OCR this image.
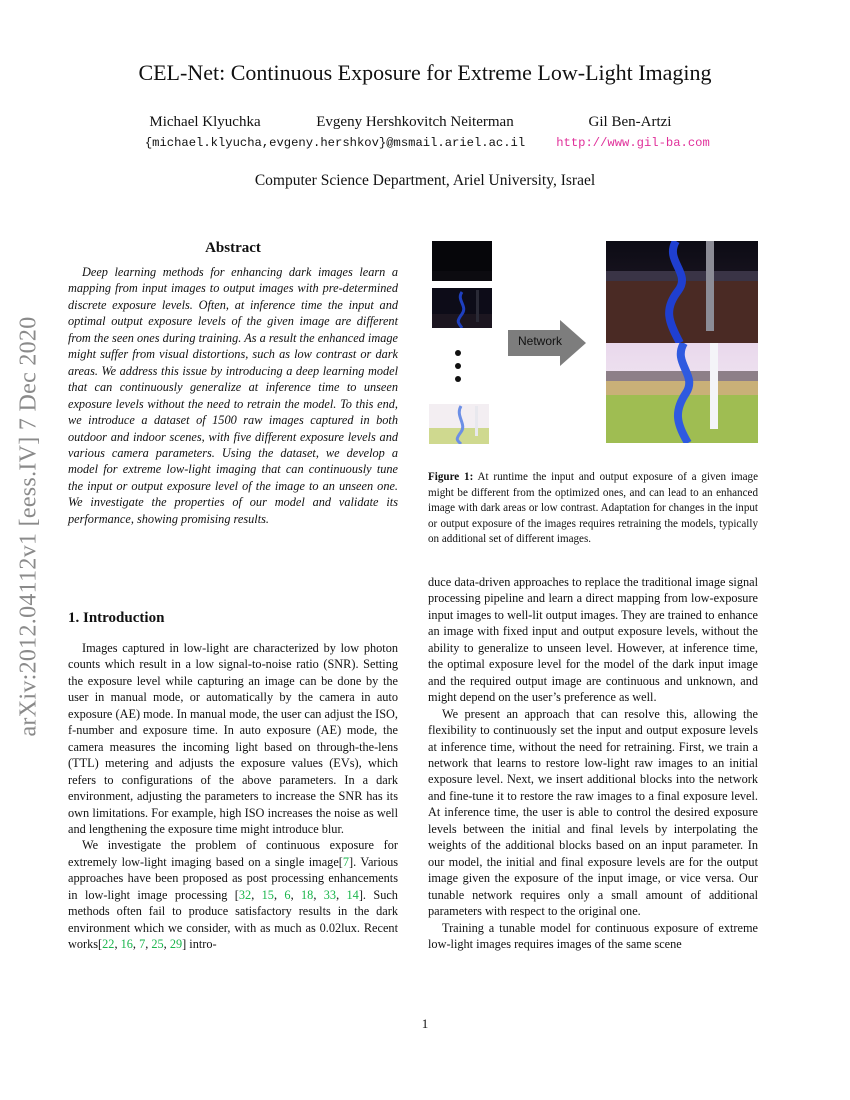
CEL-Net: Continuous Exposure for Extreme Low-Light Imaging
Michael Klyuchka	Evgeny Hershkovitch Neiterman	Gil Ben-Artzi
{michael.klyucha,evgeny.hershkov}@msmail.ariel.ac.il	http://www.gil-ba.com
Computer Science Department, Ariel University, Israel
arXiv:2012.04112v1 [eess.IV] 7 Dec 2020
Abstract
Deep learning methods for enhancing dark images learn a mapping from input images to output images with pre-determined discrete exposure levels. Often, at inference time the input and optimal output exposure levels of the given image are different from the seen ones during training. As a result the enhanced image might suffer from visual distortions, such as low contrast or dark areas. We address this issue by introducing a deep learning model that can continuously generalize at inference time to unseen exposure levels without the need to retrain the model. To this end, we introduce a dataset of 1500 raw images captured in both outdoor and indoor scenes, with five different exposure levels and various camera parameters. Using the dataset, we develop a model for extreme low-light imaging that can continuously tune the input or output exposure level of the image to an unseen one. We investigate the properties of our model and validate its performance, showing promising results.
1. Introduction

Images captured in low-light are characterized by low photon counts which result in a low signal-to-noise ratio (SNR). Setting the exposure level while capturing an image can be done by the user in manual mode, or automatically by the camera in auto exposure (AE) mode. In manual mode, the user can adjust the ISO, f-number and exposure time. In auto exposure (AE) mode, the camera measures the incoming light based on through-the-lens (TTL) metering and adjusts the exposure values (EVs), which refers to configurations of the above parameters. In a dark environment, adjusting the parameters to increase the SNR has its own limitations. For example, high ISO increases the noise as well and lengthening the exposure time might introduce blur.

We investigate the problem of continuous exposure for extremely low-light imaging based on a single image[7]. Various approaches have been proposed as post processing enhancements in low-light image processing [32, 15, 6, 18, 33, 14]. Such methods often fail to produce satisfactory results in the dark environment which we consider, with as much as 0.02lux. Recent works[22, 16, 7, 25, 29] intro-

Network
Figure 1: At runtime the input and output exposure of a given image might be different from the optimized ones, and can lead to an enhanced image with dark areas or low contrast. Adaptation for changes in the input or output exposure of the images requires retraining the models, typically on additional set of different images.

duce data-driven approaches to replace the traditional image signal processing pipeline and learn a direct mapping from low-exposure input images to well-lit output images. They are trained to enhance an image with fixed input and output exposure levels, without the ability to generalize to unseen level. However, at inference time, the optimal exposure level for the model of the dark input image and the required output image are continuous and unknown, and might depend on the user’s preference as well.

We present an approach that can resolve this, allowing the flexibility to continuously set the input and output exposure levels at inference time, without the need for retraining. First, we train a network that learns to restore low-light raw images to an initial exposure level. Next, we insert additional blocks into the network and fine-tune it to restore the raw images to a final exposure level. At inference time, the user is able to control the desired exposure levels between the initial and final levels by interpolating the weights of the additional blocks based on an input parameter. In our model, the initial and final exposure levels are for the output image given the exposure of the input image, or vice versa. Our tunable network requires only a small amount of additional parameters with respect to the original one.

Training a tunable model for continuous exposure of extreme low-light images requires images of the same scene

1
